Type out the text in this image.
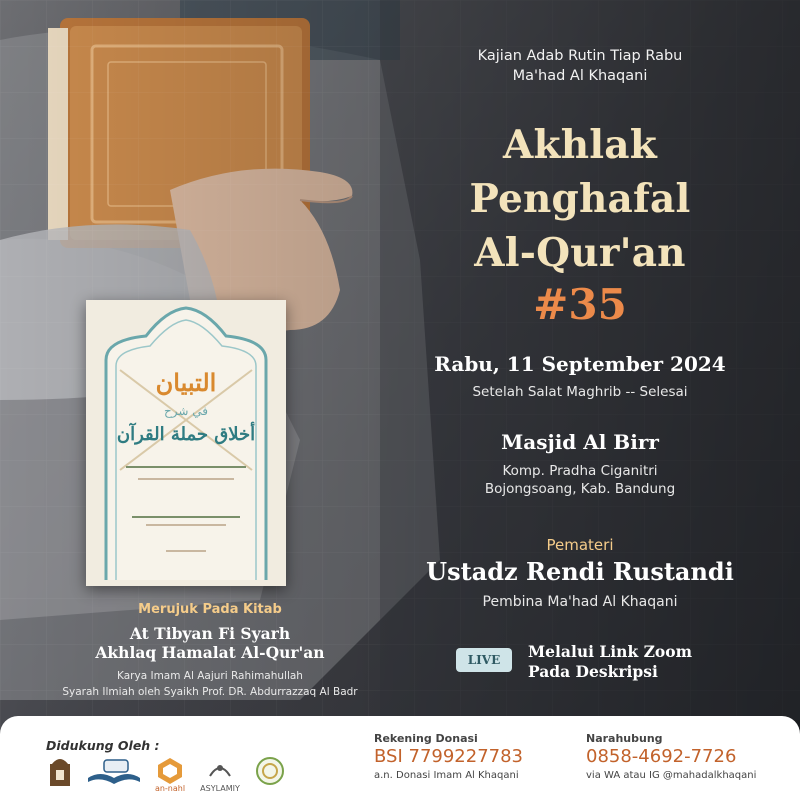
التبيان
في شرح
أخلاق حملة القرآن
Kajian Adab Rutin Tiap Rabu
Ma'had Al Khaqani
Akhlak
Penghafal
Al-Qur'an
#35
Rabu, 11 September 2024
Setelah Salat Maghrib -- Selesai
Masjid Al Birr
Komp. Pradha Ciganitri
Bojongsoang, Kab. Bandung
Pemateri
Ustadz Rendi Rustandi
Pembina Ma'had Al Khaqani
LIVE	Melalui Link Zoom
Pada Deskripsi
Merujuk Pada Kitab
At Tibyan Fi Syarh
Akhlaq Hamalat Al-Qur'an
Karya Imam Al Aajuri Rahimahullah
Syarah Ilmiah oleh Syaikh Prof. DR. Abdurrazzaq Al Badr
Didukung Oleh :
an-nahl	ASYLAMIY
Rekening Donasi
BSI 7799227783
a.n. Donasi Imam Al Khaqani
Narahubung
0858-4692-7726
via WA atau IG @mahadalkhaqani
